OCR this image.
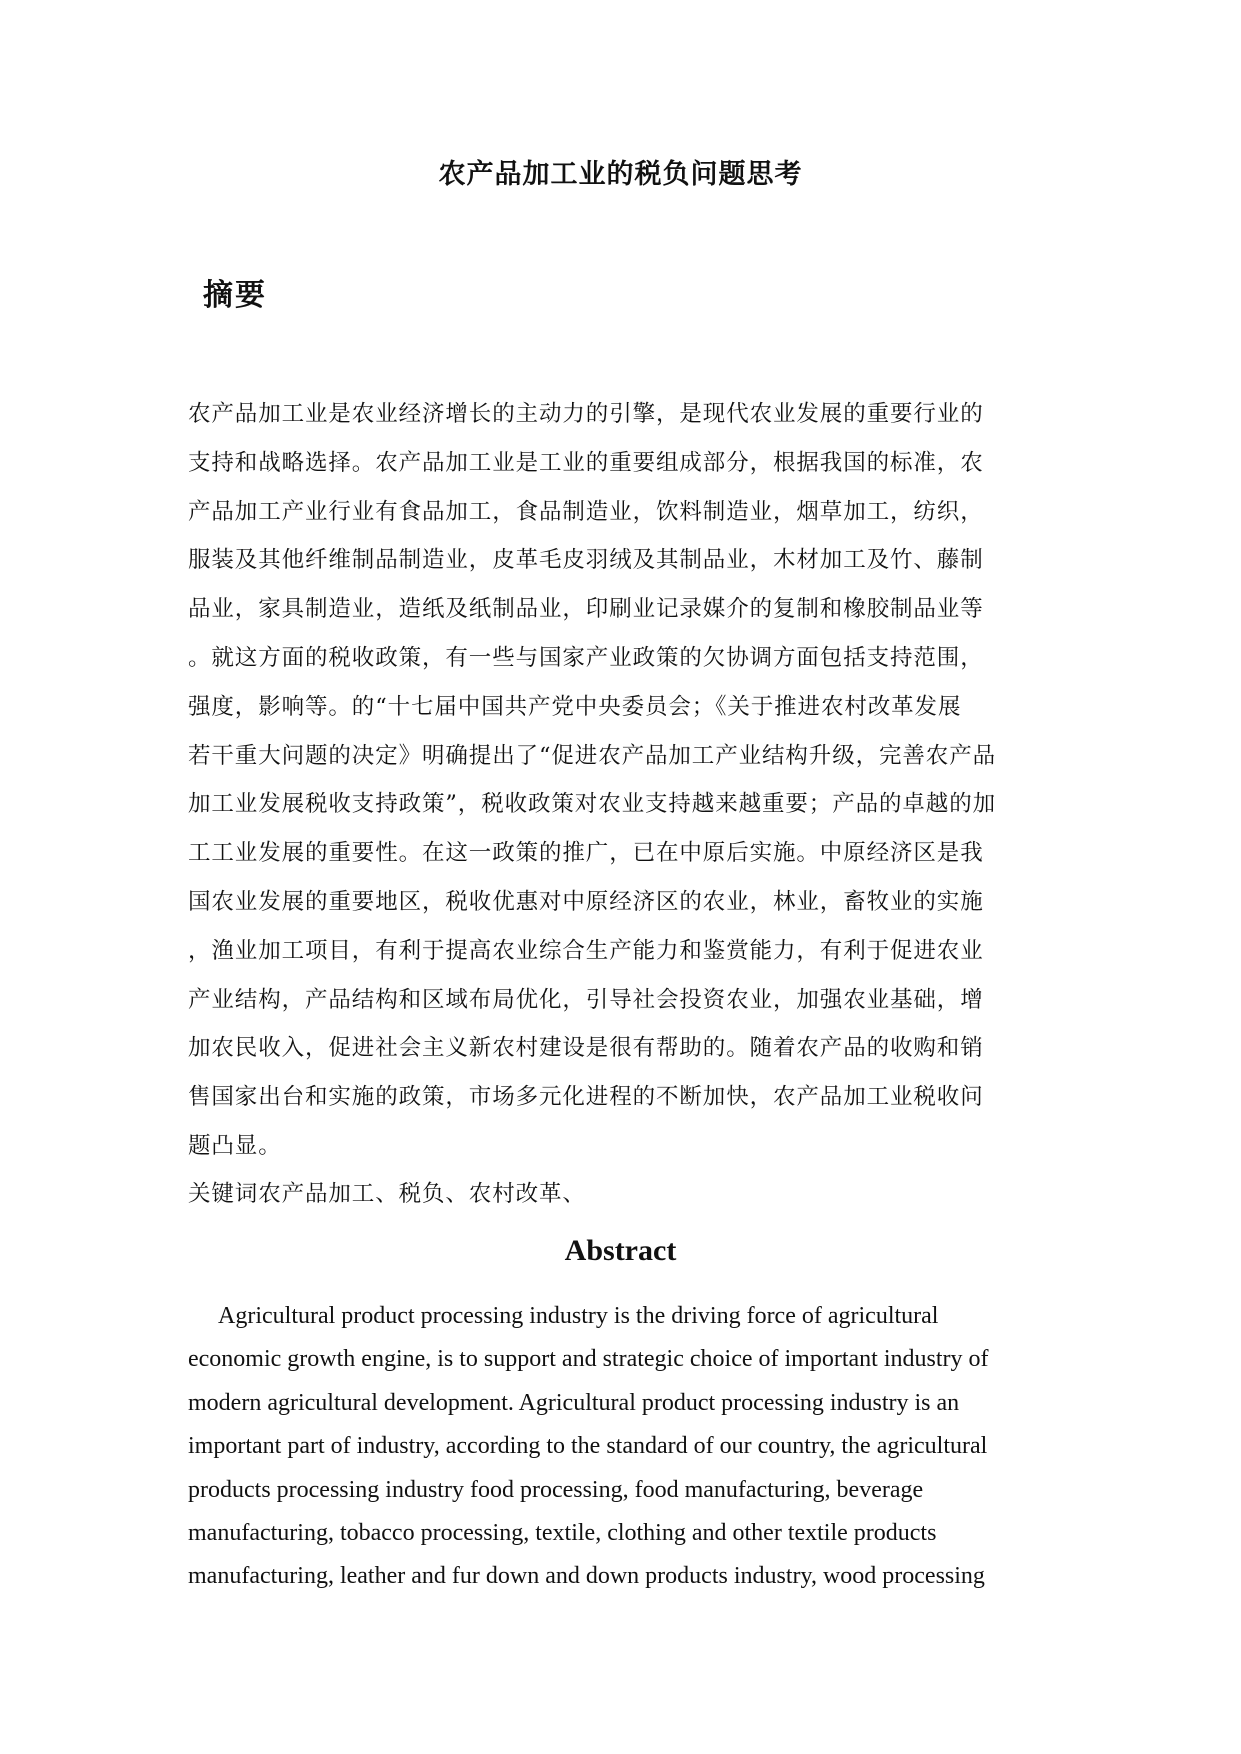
农产品加工业的税负问题思考
摘要
农产品加工业是农业经济增长的主动力的引擎，是现代农业发展的重要行业的
支持和战略选择。农产品加工业是工业的重要组成部分，根据我国的标准，农
产品加工产业行业有食品加工，食品制造业，饮料制造业，烟草加工，纺织，
服装及其他纤维制品制造业，皮革毛皮羽绒及其制品业，木材加工及竹、藤制
品业，家具制造业，造纸及纸制品业，印刷业记录媒介的复制和橡胶制品业等
。就这方面的税收政策，有一些与国家产业政策的欠协调方面包括支持范围，
强度，影响等。的“十七届中国共产党中央委员会；《关于推进农村改革发展
若干重大问题的决定》明确提出了“促进农产品加工产业结构升级，完善农产品
加工业发展税收支持政策”，税收政策对农业支持越来越重要；产品的卓越的加
工工业发展的重要性。在这一政策的推广，已在中原后实施。中原经济区是我
国农业发展的重要地区，税收优惠对中原经济区的农业，林业，畜牧业的实施
，渔业加工项目，有利于提高农业综合生产能力和鉴赏能力，有利于促进农业
产业结构，产品结构和区域布局优化，引导社会投资农业，加强农业基础，增
加农民收入，促进社会主义新农村建设是很有帮助的。随着农产品的收购和销
售国家出台和实施的政策，市场多元化进程的不断加快，农产品加工业税收问
题凸显。
关键词农产品加工、税负、农村改革、
Abstract
Agricultural product processing industry is the driving force of agricultural
economic growth engine, is to support and strategic choice of important industry of
modern agricultural development. Agricultural product processing industry is an
important part of industry, according to the standard of our country, the agricultural
products processing industry food processing, food manufacturing, beverage
manufacturing, tobacco processing, textile, clothing and other textile products
manufacturing, leather and fur down and down products industry, wood processing
